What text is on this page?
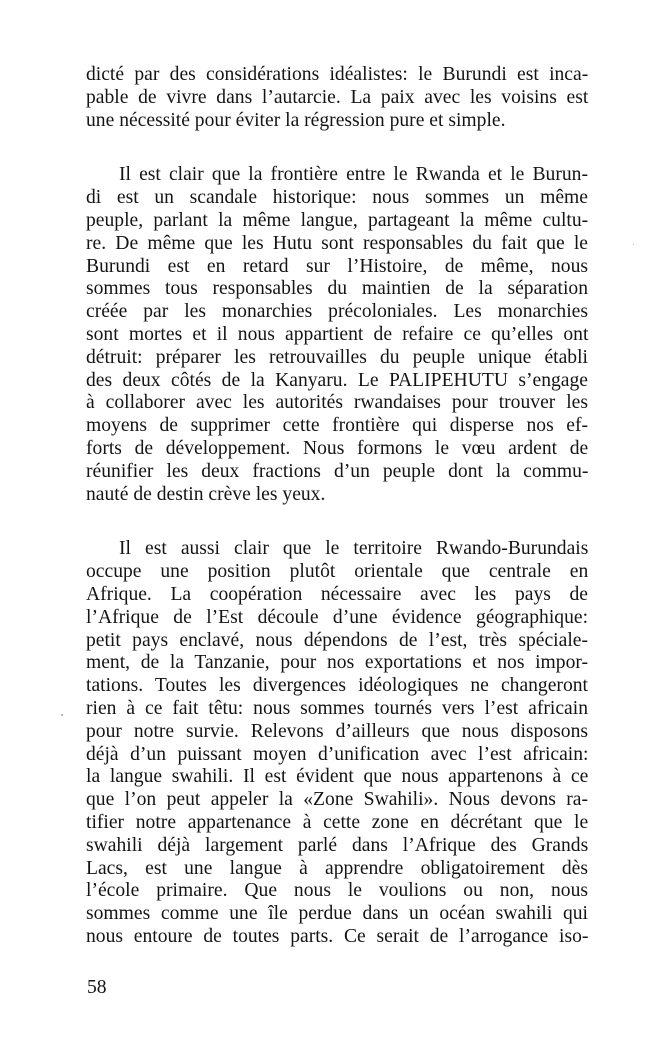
dicté par des considérations idéalistes: le Burundi est inca-
pable de vivre dans l’autarcie. La paix avec les voisins est
une nécessité pour éviter la régression pure et simple.
Il est clair que la frontière entre le Rwanda et le Burun-
di est un scandale historique: nous sommes un même
peuple, parlant la même langue, partageant la même cultu-
re. De même que les Hutu sont responsables du fait que le
Burundi est en retard sur l’Histoire, de même, nous
sommes tous responsables du maintien de la séparation
créée par les monarchies précoloniales. Les monarchies
sont mortes et il nous appartient de refaire ce qu’elles ont
détruit: préparer les retrouvailles du peuple unique établi
des deux côtés de la Kanyaru. Le PALIPEHUTU s’engage
à collaborer avec les autorités rwandaises pour trouver les
moyens de supprimer cette frontière qui disperse nos ef-
forts de développement. Nous formons le vœu ardent de
réunifier les deux fractions d’un peuple dont la commu-
nauté de destin crève les yeux.
Il est aussi clair que le territoire Rwando-Burundais
occupe une position plutôt orientale que centrale en
Afrique. La coopération nécessaire avec les pays de
l’Afrique de l’Est découle d’une évidence géographique:
petit pays enclavé, nous dépendons de l’est, très spéciale-
ment, de la Tanzanie, pour nos exportations et nos impor-
tations. Toutes les divergences idéologiques ne changeront
rien à ce fait têtu: nous sommes tournés vers l’est africain
pour notre survie. Relevons d’ailleurs que nous disposons
déjà d’un puissant moyen d’unification avec l’est africain:
la langue swahili. Il est évident que nous appartenons à ce
que l’on peut appeler la «Zone Swahili». Nous devons ra-
tifier notre appartenance à cette zone en décrétant que le
swahili déjà largement parlé dans l’Afrique des Grands
Lacs, est une langue à apprendre obligatoirement dès
l’école primaire. Que nous le voulions ou non, nous
sommes comme une île perdue dans un océan swahili qui
nous entoure de toutes parts. Ce serait de l’arrogance iso-

58
